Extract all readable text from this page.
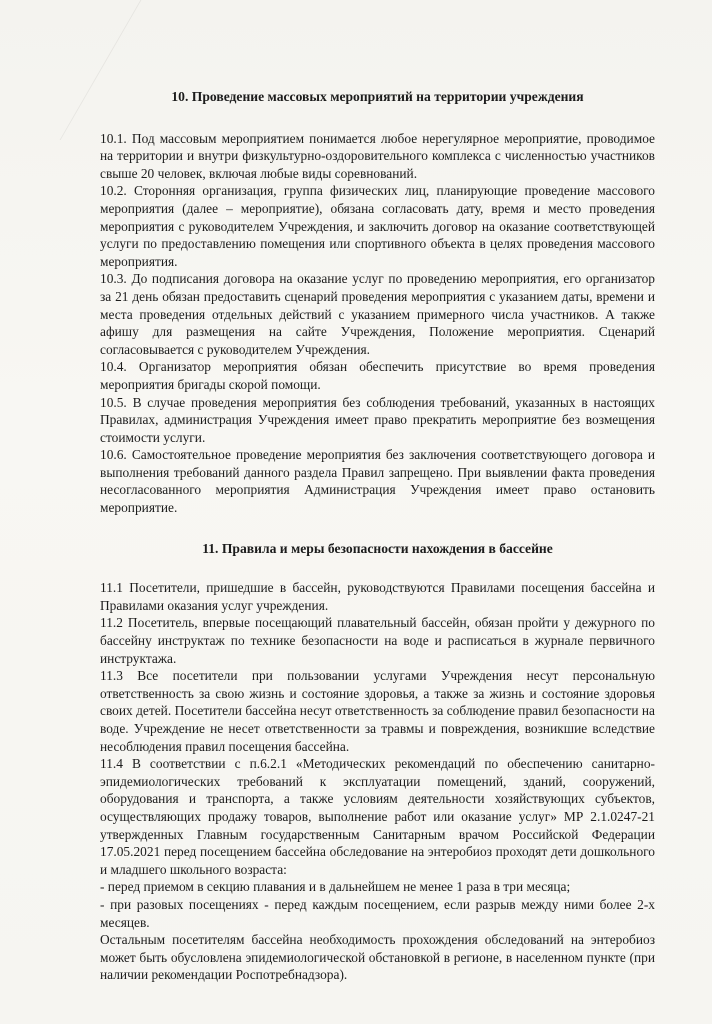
10. Проведение массовых мероприятий на территории учреждения

10.1. Под массовым мероприятием понимается любое нерегулярное мероприятие, проводимое на территории и внутри физкультурно-оздоровительного комплекса с численностью участников свыше 20 человек, включая любые виды соревнований.

10.2. Сторонняя организация, группа физических лиц, планирующие проведение массового мероприятия (далее – мероприятие), обязана согласовать дату, время и место проведения мероприятия с руководителем Учреждения, и заключить договор на оказание соответствующей услуги по предоставлению помещения или спортивного объекта в целях проведения массового мероприятия.

10.3. До подписания договора на оказание услуг по проведению мероприятия, его организатор за 21 день обязан предоставить сценарий проведения мероприятия с указанием даты, времени и места проведения отдельных действий с указанием примерного числа участников. А также афишу для размещения на сайте Учреждения, Положение мероприятия. Сценарий согласовывается с руководителем Учреждения.

10.4. Организатор мероприятия обязан обеспечить присутствие во время проведения мероприятия бригады скорой помощи.

10.5. В случае проведения мероприятия без соблюдения требований, указанных в настоящих Правилах, администрация Учреждения имеет право прекратить мероприятие без возмещения стоимости услуги.

10.6. Самостоятельное проведение мероприятия без заключения соответствующего договора и выполнения требований данного раздела Правил запрещено. При выявлении факта проведения несогласованного мероприятия Администрация Учреждения имеет право остановить мероприятие.

11. Правила и меры безопасности нахождения в бассейне

11.1 Посетители, пришедшие в бассейн, руководствуются Правилами посещения бассейна и Правилами оказания услуг учреждения.

11.2 Посетитель, впервые посещающий плавательный бассейн, обязан пройти у дежурного по бассейну инструктаж по технике безопасности на воде и расписаться в журнале первичного инструктажа.

11.3 Все посетители при пользовании услугами Учреждения несут персональную ответственность за свою жизнь и состояние здоровья, а также за жизнь и состояние здоровья своих детей. Посетители бассейна несут ответственность за соблюдение правил безопасности на воде. Учреждение не несет ответственности за травмы и повреждения, возникшие вследствие несоблюдения правил посещения бассейна.

11.4 В соответствии с п.6.2.1 «Методических рекомендаций по обеспечению санитарно-эпидемиологических требований к эксплуатации помещений, зданий, сооружений, оборудования и транспорта, а также условиям деятельности хозяйствующих субъектов, осуществляющих продажу товаров, выполнение работ или оказание услуг» МР 2.1.0247-21 утвержденных Главным государственным Санитарным врачом Российской Федерации 17.05.2021 перед посещением бассейна обследование на энтеробиоз проходят дети дошкольного и младшего школьного возраста:

- перед приемом в секцию плавания и в дальнейшем не менее 1 раза в три месяца;

- при разовых посещениях - перед каждым посещением, если разрыв между ними более 2-х месяцев.

Остальным посетителям бассейна необходимость прохождения обследований на энтеробиоз может быть обусловлена эпидемиологической обстановкой в регионе, в населенном пункте (при наличии рекомендации Роспотребнадзора).
